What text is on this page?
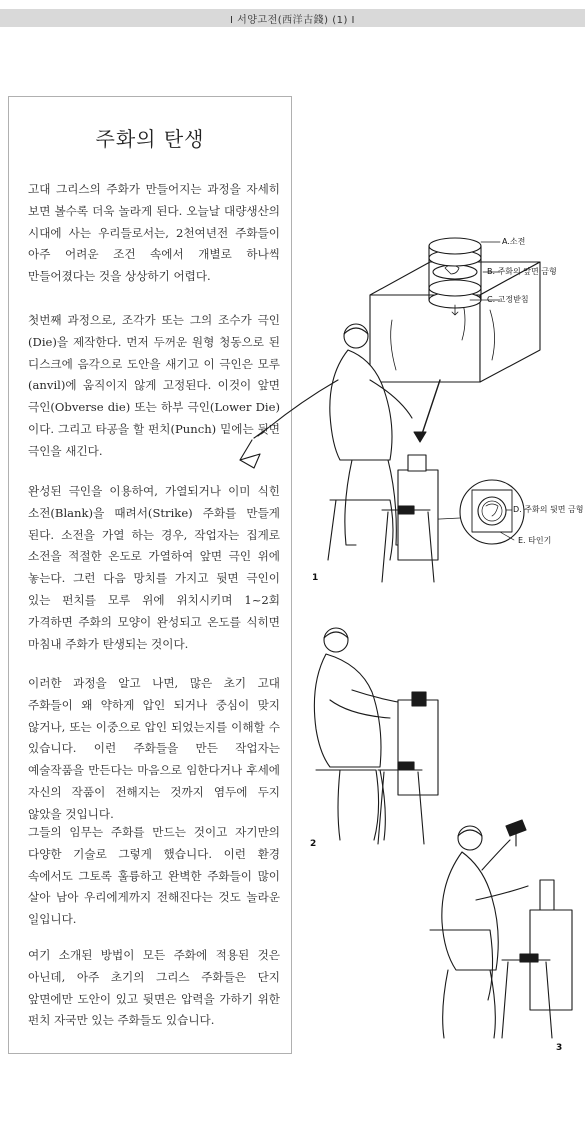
Ⅰ 서양고전(西洋古錢) (1) Ⅰ
주화의 탄생
고대 그리스의 주화가 만들어지는 과정을 자세히 보면 볼수록 더욱 놀라게 된다. 오늘날 대량생산의 시대에 사는 우리들로서는, 2천여년전 주화들이 아주 어려운 조건 속에서 개별로 하나씩 만들어졌다는 것을 상상하기 어렵다.
첫번째 과정으로, 조각가 또는 그의 조수가 극인(Die)을 제작한다. 먼저 두꺼운 원형 청동으로 된 디스크에 음각으로 도안을 새기고 이 극인은 모루(anvil)에 움직이지 않게 고정된다. 이것이 앞면 극인(Obverse die) 또는 하부 극인(Lower Die)이다. 그리고 타공을 할 펀치(Punch) 밑에는 뒷면 극인을 새긴다.
완성된 극인을 이용하여, 가열되거나 이미 식힌 소전(Blank)을 때려서(Strike) 주화를 만들게 된다. 소전을 가열 하는 경우, 작업자는 집게로 소전을 적절한 온도로 가열하여 앞면 극인 위에 놓는다. 그런 다음 망치를 가지고 뒷면 극인이 있는 펀치를 모루 위에 위치시키며 1~2회 가격하면 주화의 모양이 완성되고 온도를 식히면 마침내 주화가 탄생되는 것이다.
이러한 과정을 알고 나면, 많은 초기 고대 주화들이 왜 약하게 압인 되거나 중심이 맞지 않거나, 또는 이중으로 압인 되었는지를 이해할 수 있습니다. 이런 주화들을 만든 작업자는 예술작품을 만든다는 마음으로 임한다거나 후세에 자신의 작품이 전해지는 것까지 염두에 두지 않았을 것입니다.
그들의 임무는 주화를 만드는 것이고 자기만의 다양한 기술로 그렇게 했습니다. 이런 환경 속에서도 그토록 훌륭하고 완벽한 주화들이 많이 살아 남아 우리에게까지 전해진다는 것도 놀라운 일입니다.
여기 소개된 방법이 모든 주화에 적용된 것은 아닌데, 아주 초기의 그리스 주화들은 단지 앞면에만 도안이 있고 뒷면은 압력을 가하기 위한 펀치 자국만 있는 주화들도 있습니다.
A.소전
B. 주화의 앞면 금형
C. 고정받침
D. 주화의 뒷면 금형
E. 타인기
1
2
3
